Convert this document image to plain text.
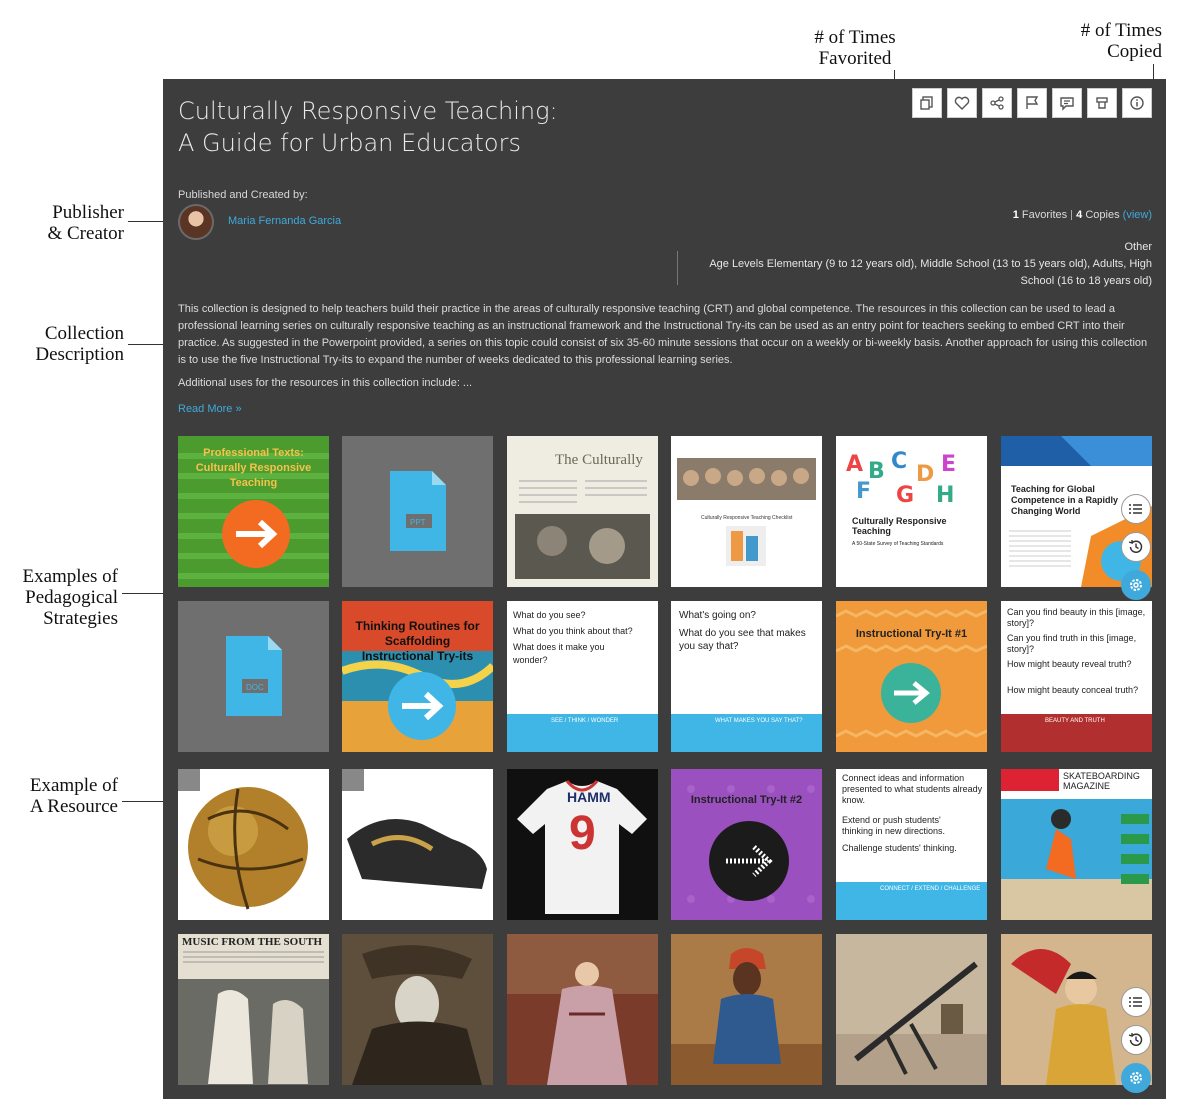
# of Times
Favorited
# of Times
Copied
Publisher
& Creator
Collection
Description
Examples of
Pedagogical
Strategies
Example of
A Resource
Culturally Responsive Teaching:
A Guide for Urban Educators
Published and Created by:
Maria Fernanda Garcia	1 Favorites 4 Copies (view)
Other
Age Levels Elementary (9 to 12 years old), Middle School (13 to 15 years old), Adults, High
School (16 to 18 years old)
This collection is designed to help teachers build their practice in the areas of culturally responsive teaching (CRT) and global competence. The resources in this collection can be used to lead a professional learning series on culturally responsive teaching as an instructional framework and the Instructional Try-its can be used as an entry point for teachers seeking to embed CRT into their practice. As suggested in the Powerpoint provided, a series on this topic could consist of six 35-60 minute sessions that occur on a weekly or bi-weekly basis. Another approach for using this collection is to use the five Instructional Try-its to expand the number of weeks dedicated to this professional learning series.
Additional uses for the resources in this collection include: ...
Read More »
Professional Texts: Culturally Responsive Teaching
PPT
The Culturally
Culturally Responsive Teaching Checklist
A B C
D E
F G H
Culturally Responsive Teaching
A 50-State Survey of Teaching Standards
Teaching for Global Competence in a Rapidly Changing World
DOC
Thinking Routines for Scaffolding Instructional Try-its
What do you see?
What do you think about that?
What does it make you wonder?
SEE / THINK / WONDER
What's going on?
What do you see that makes you say that?
WHAT MAKES YOU SAY THAT?
Instructional Try-It #1
Can you find beauty in this [image, story]?
Can you find truth in this [image, story]?
How might beauty reveal truth?
How might beauty conceal truth?
BEAUTY AND TRUTH
HAMM
9
Instructional Try-It #2
Connect ideas and information presented to what students already know.
Extend or push students' thinking in new directions.
Challenge students' thinking.
CONNECT / EXTEND / CHALLENGE
SKATEBOARDING MAGAZINE
MUSIC FROM THE SOUTH
